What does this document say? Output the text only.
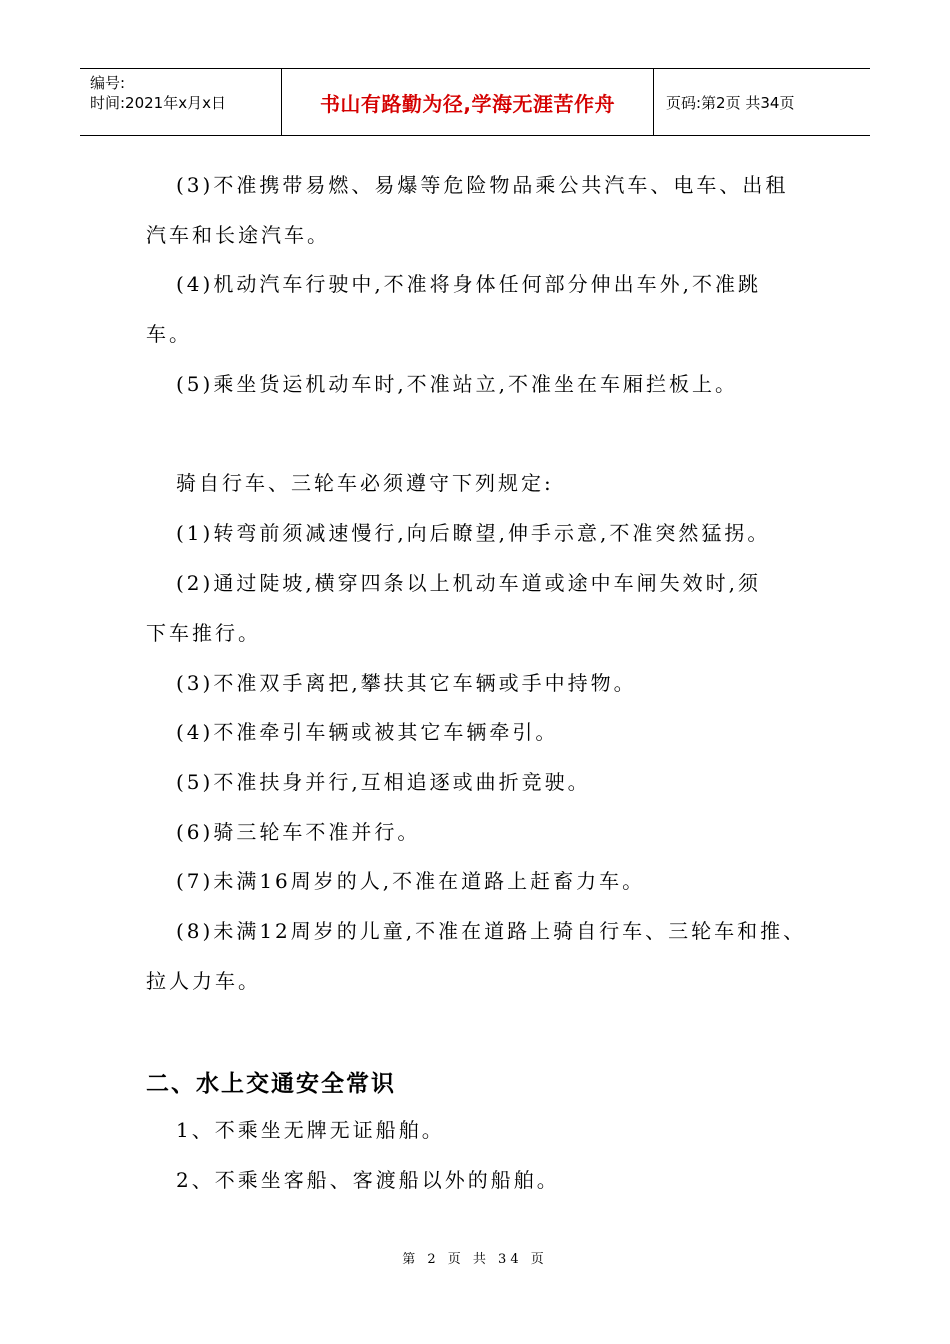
编号:
时间:2021年x月x日	书山有路勤为径,学海无涯苦作舟	页码:第2页 共34页
(3)不准携带易燃、易爆等危险物品乘公共汽车、电车、出租
汽车和长途汽车。
(4)机动汽车行驶中,不准将身体任何部分伸出车外,不准跳
车。
(5)乘坐货运机动车时,不准站立,不准坐在车厢拦板上。
骑自行车、三轮车必须遵守下列规定:
(1)转弯前须减速慢行,向后瞭望,伸手示意,不准突然猛拐。
(2)通过陡坡,横穿四条以上机动车道或途中车闸失效时,须
下车推行。
(3)不准双手离把,攀扶其它车辆或手中持物。
(4)不准牵引车辆或被其它车辆牵引。
(5)不准扶身并行,互相追逐或曲折竞驶。
(6)骑三轮车不准并行。
(7)未满16周岁的人,不准在道路上赶畜力车。
(8)未满12周岁的儿童,不准在道路上骑自行车、三轮车和推、
拉人力车。
二、水上交通安全常识
1、不乘坐无牌无证船舶。
2、不乘坐客船、客渡船以外的船舶。
第 2 页 共 34 页
